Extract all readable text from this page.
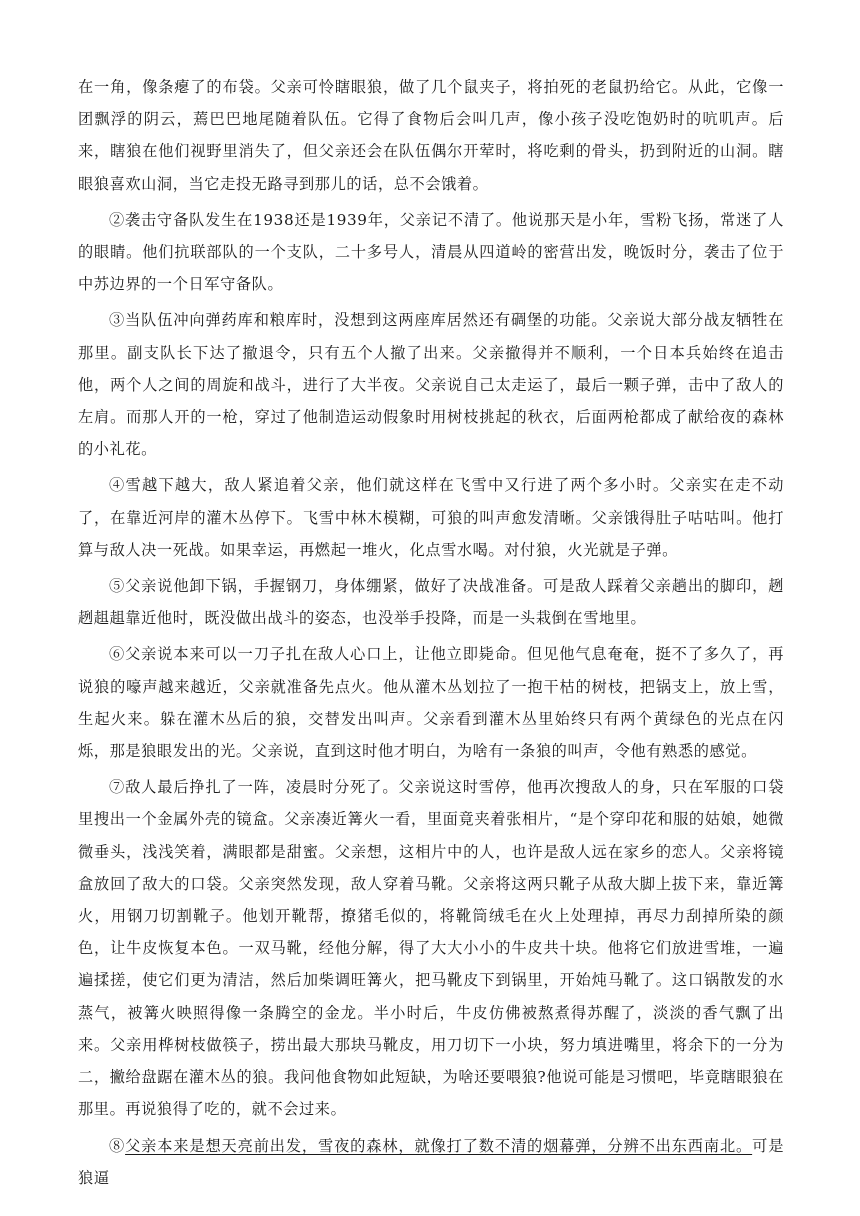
在一角，像条瘪了的布袋。父亲可怜瞎眼狼，做了几个鼠夹子，将拍死的老鼠扔给它。从此，它像一团飘浮的阴云，蔫巴巴地尾随着队伍。它得了食物后会叫几声，像小孩子没吃饱奶时的吭叽声。后来，瞎狼在他们视野里消失了，但父亲还会在队伍偶尔开荤时，将吃剩的骨头，扔到附近的山洞。瞎眼狼喜欢山洞，当它走投无路寻到那儿的话，总不会饿着。

②袭击守备队发生在1938还是1939年，父亲记不清了。他说那天是小年，雪粉飞扬，常迷了人的眼睛。他们抗联部队的一个支队，二十多号人，清晨从四道岭的密营出发，晚饭时分，袭击了位于中苏边界的一个日军守备队。

③当队伍冲向弹药库和粮库时，没想到这两座库居然还有碉堡的功能。父亲说大部分战友牺牲在那里。副支队长下达了撤退令，只有五个人撤了出来。父亲撤得并不顺利，一个日本兵始终在追击他，两个人之间的周旋和战斗，进行了大半夜。父亲说自己太走运了，最后一颗子弹，击中了敌人的左肩。而那人开的一枪，穿过了他制造运动假象时用树枝挑起的秋衣，后面两枪都成了献给夜的森林的小礼花。

④雪越下越大，敌人紧追着父亲，他们就这样在飞雪中又行进了两个多小时。父亲实在走不动了，在靠近河岸的灌木丛停下。飞雪中林木模糊，可狼的叫声愈发清晰。父亲饿得肚子咕咕叫。他打算与敌人决一死战。如果幸运，再燃起一堆火，化点雪水喝。对付狼，火光就是子弹。

⑤父亲说他卸下锅，手握钢刀，身体绷紧，做好了决战准备。可是敌人踩着父亲趟出的脚印，趔趔趄趄靠近他时，既没做出战斗的姿态，也没举手投降，而是一头栽倒在雪地里。

⑥父亲说本来可以一刀子扎在敌人心口上，让他立即毙命。但见他气息奄奄，挺不了多久了，再说狼的嚎声越来越近，父亲就准备先点火。他从灌木丛划拉了一抱干枯的树枝，把锅支上，放上雪，生起火来。躲在灌木丛后的狼，交替发出叫声。父亲看到灌木丛里始终只有两个黄绿色的光点在闪烁，那是狼眼发出的光。父亲说，直到这时他才明白，为啥有一条狼的叫声，令他有熟悉的感觉。

⑦敌人最后挣扎了一阵，凌晨时分死了。父亲说这时雪停，他再次搜敌人的身，只在军服的口袋里搜出一个金属外壳的镜盒。父亲凑近篝火一看，里面竟夹着张相片，“是个穿印花和服的姑娘，她微微垂头，浅浅笑着，满眼都是甜蜜。父亲想，这相片中的人，也许是敌人远在家乡的恋人。父亲将镜盒放回了敌大的口袋。父亲突然发现，敌人穿着马靴。父亲将这两只靴子从敌大脚上拔下来，靠近篝火，用钢刀切割靴子。他划开靴帮，撩猪毛似的，将靴筒绒毛在火上处理掉，再尽力刮掉所染的颜色，让牛皮恢复本色。一双马靴，经他分解，得了大大小小的牛皮共十块。他将它们放进雪堆，一遍遍揉搓，使它们更为清洁，然后加柴调旺篝火，把马靴皮下到锅里，开始炖马靴了。这口锅散发的水蒸气，被篝火映照得像一条腾空的金龙。半小时后，牛皮仿佛被熬煮得苏醒了，淡淡的香气飘了出来。父亲用桦树枝做筷子，捞出最大那块马靴皮，用刀切下一小块，努力填进嘴里，将余下的一分为二，撇给盘踞在灌木丛的狼。我问他食物如此短缺，为啥还要喂狼?他说可能是习惯吧，毕竟瞎眼狼在那里。再说狼得了吃的，就不会过来。

⑧父亲本来是想天亮前出发，雪夜的森林，就像打了数不清的烟幕弹，分辨不出东西南北。可是狼逼
